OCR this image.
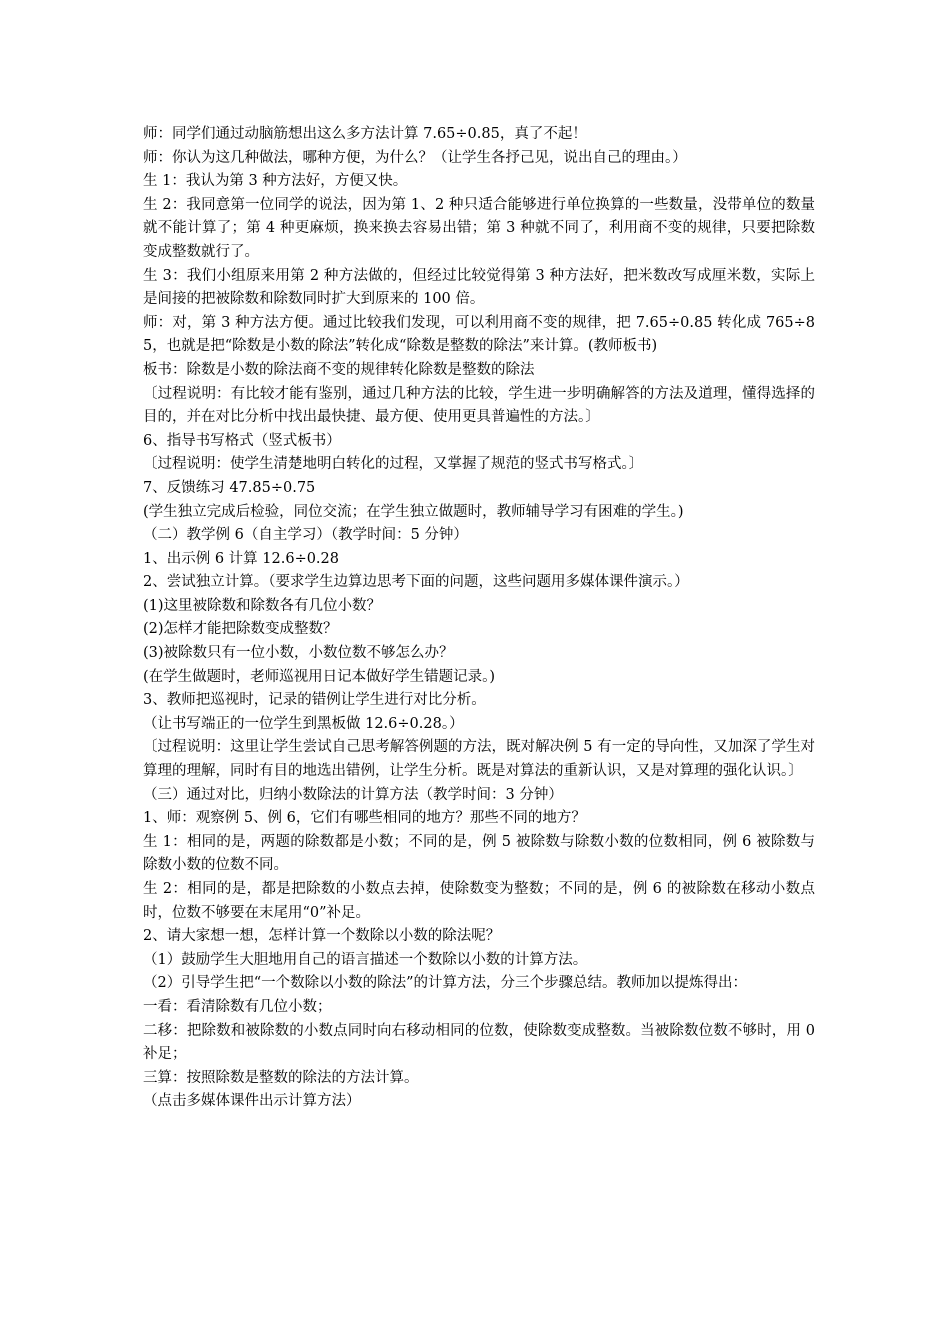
师：同学们通过动脑筋想出这么多方法计算 7.65÷0.85，真了不起！

师：你认为这几种做法，哪种方便，为什么？（让学生各抒己见，说出自己的理由。）

生 1：我认为第 3 种方法好，方便又快。

生 2：我同意第一位同学的说法，因为第 1、2 种只适合能够进行单位换算的一些数量，没带单位的数量就不能计算了；第 4 种更麻烦，换来换去容易出错；第 3 种就不同了，利用商不变的规律，只要把除数变成整数就行了。

生 3：我们小组原来用第 2 种方法做的，但经过比较觉得第 3 种方法好，把米数改写成厘米数，实际上是间接的把被除数和除数同时扩大到原来的 100 倍。

师：对，第 3 种方法方便。通过比较我们发现，可以利用商不变的规律，把 7.65÷0.85 转化成 765÷85，也就是把“除数是小数的除法”转化成“除数是整数的除法”来计算。(教师板书)

板书：除数是小数的除法商不变的规律转化除数是整数的除法

〔过程说明：有比较才能有鉴别，通过几种方法的比较，学生进一步明确解答的方法及道理，懂得选择的目的，并在对比分析中找出最快捷、最方便、使用更具普遍性的方法。〕

6、指导书写格式（竖式板书）

〔过程说明：使学生清楚地明白转化的过程，又掌握了规范的竖式书写格式。〕

7、反馈练习 47.85÷0.75

(学生独立完成后检验，同位交流；在学生独立做题时，教师辅导学习有困难的学生。)

（二）教学例 6（自主学习）（教学时间：5 分钟）

1、出示例 6 计算 12.6÷0.28

2、尝试独立计算。（要求学生边算边思考下面的问题，这些问题用多媒体课件演示。）

(1)这里被除数和除数各有几位小数？

(2)怎样才能把除数变成整数？

(3)被除数只有一位小数，小数位数不够怎么办？

(在学生做题时，老师巡视用日记本做好学生错题记录。)

3、教师把巡视时，记录的错例让学生进行对比分析。

（让书写端正的一位学生到黑板做 12.6÷0.28。）

〔过程说明：这里让学生尝试自己思考解答例题的方法，既对解决例 5 有一定的导向性，又加深了学生对算理的理解，同时有目的地选出错例，让学生分析。既是对算法的重新认识，又是对算理的强化认识。〕

（三）通过对比，归纳小数除法的计算方法（教学时间：3 分钟）

1、师：观察例 5、例 6，它们有哪些相同的地方？那些不同的地方？

生 1：相同的是，两题的除数都是小数；不同的是，例 5 被除数与除数小数的位数相同，例 6 被除数与除数小数的位数不同。

生 2：相同的是，都是把除数的小数点去掉，使除数变为整数；不同的是，例 6 的被除数在移动小数点时，位数不够要在末尾用“0”补足。

2、请大家想一想，怎样计算一个数除以小数的除法呢？

（1）鼓励学生大胆地用自己的语言描述一个数除以小数的计算方法。

（2）引导学生把“一个数除以小数的除法”的计算方法，分三个步骤总结。教师加以提炼得出：

一看：看清除数有几位小数；

二移：把除数和被除数的小数点同时向右移动相同的位数，使除数变成整数。当被除数位数不够时，用 0 补足；

三算：按照除数是整数的除法的方法计算。

（点击多媒体课件出示计算方法）
